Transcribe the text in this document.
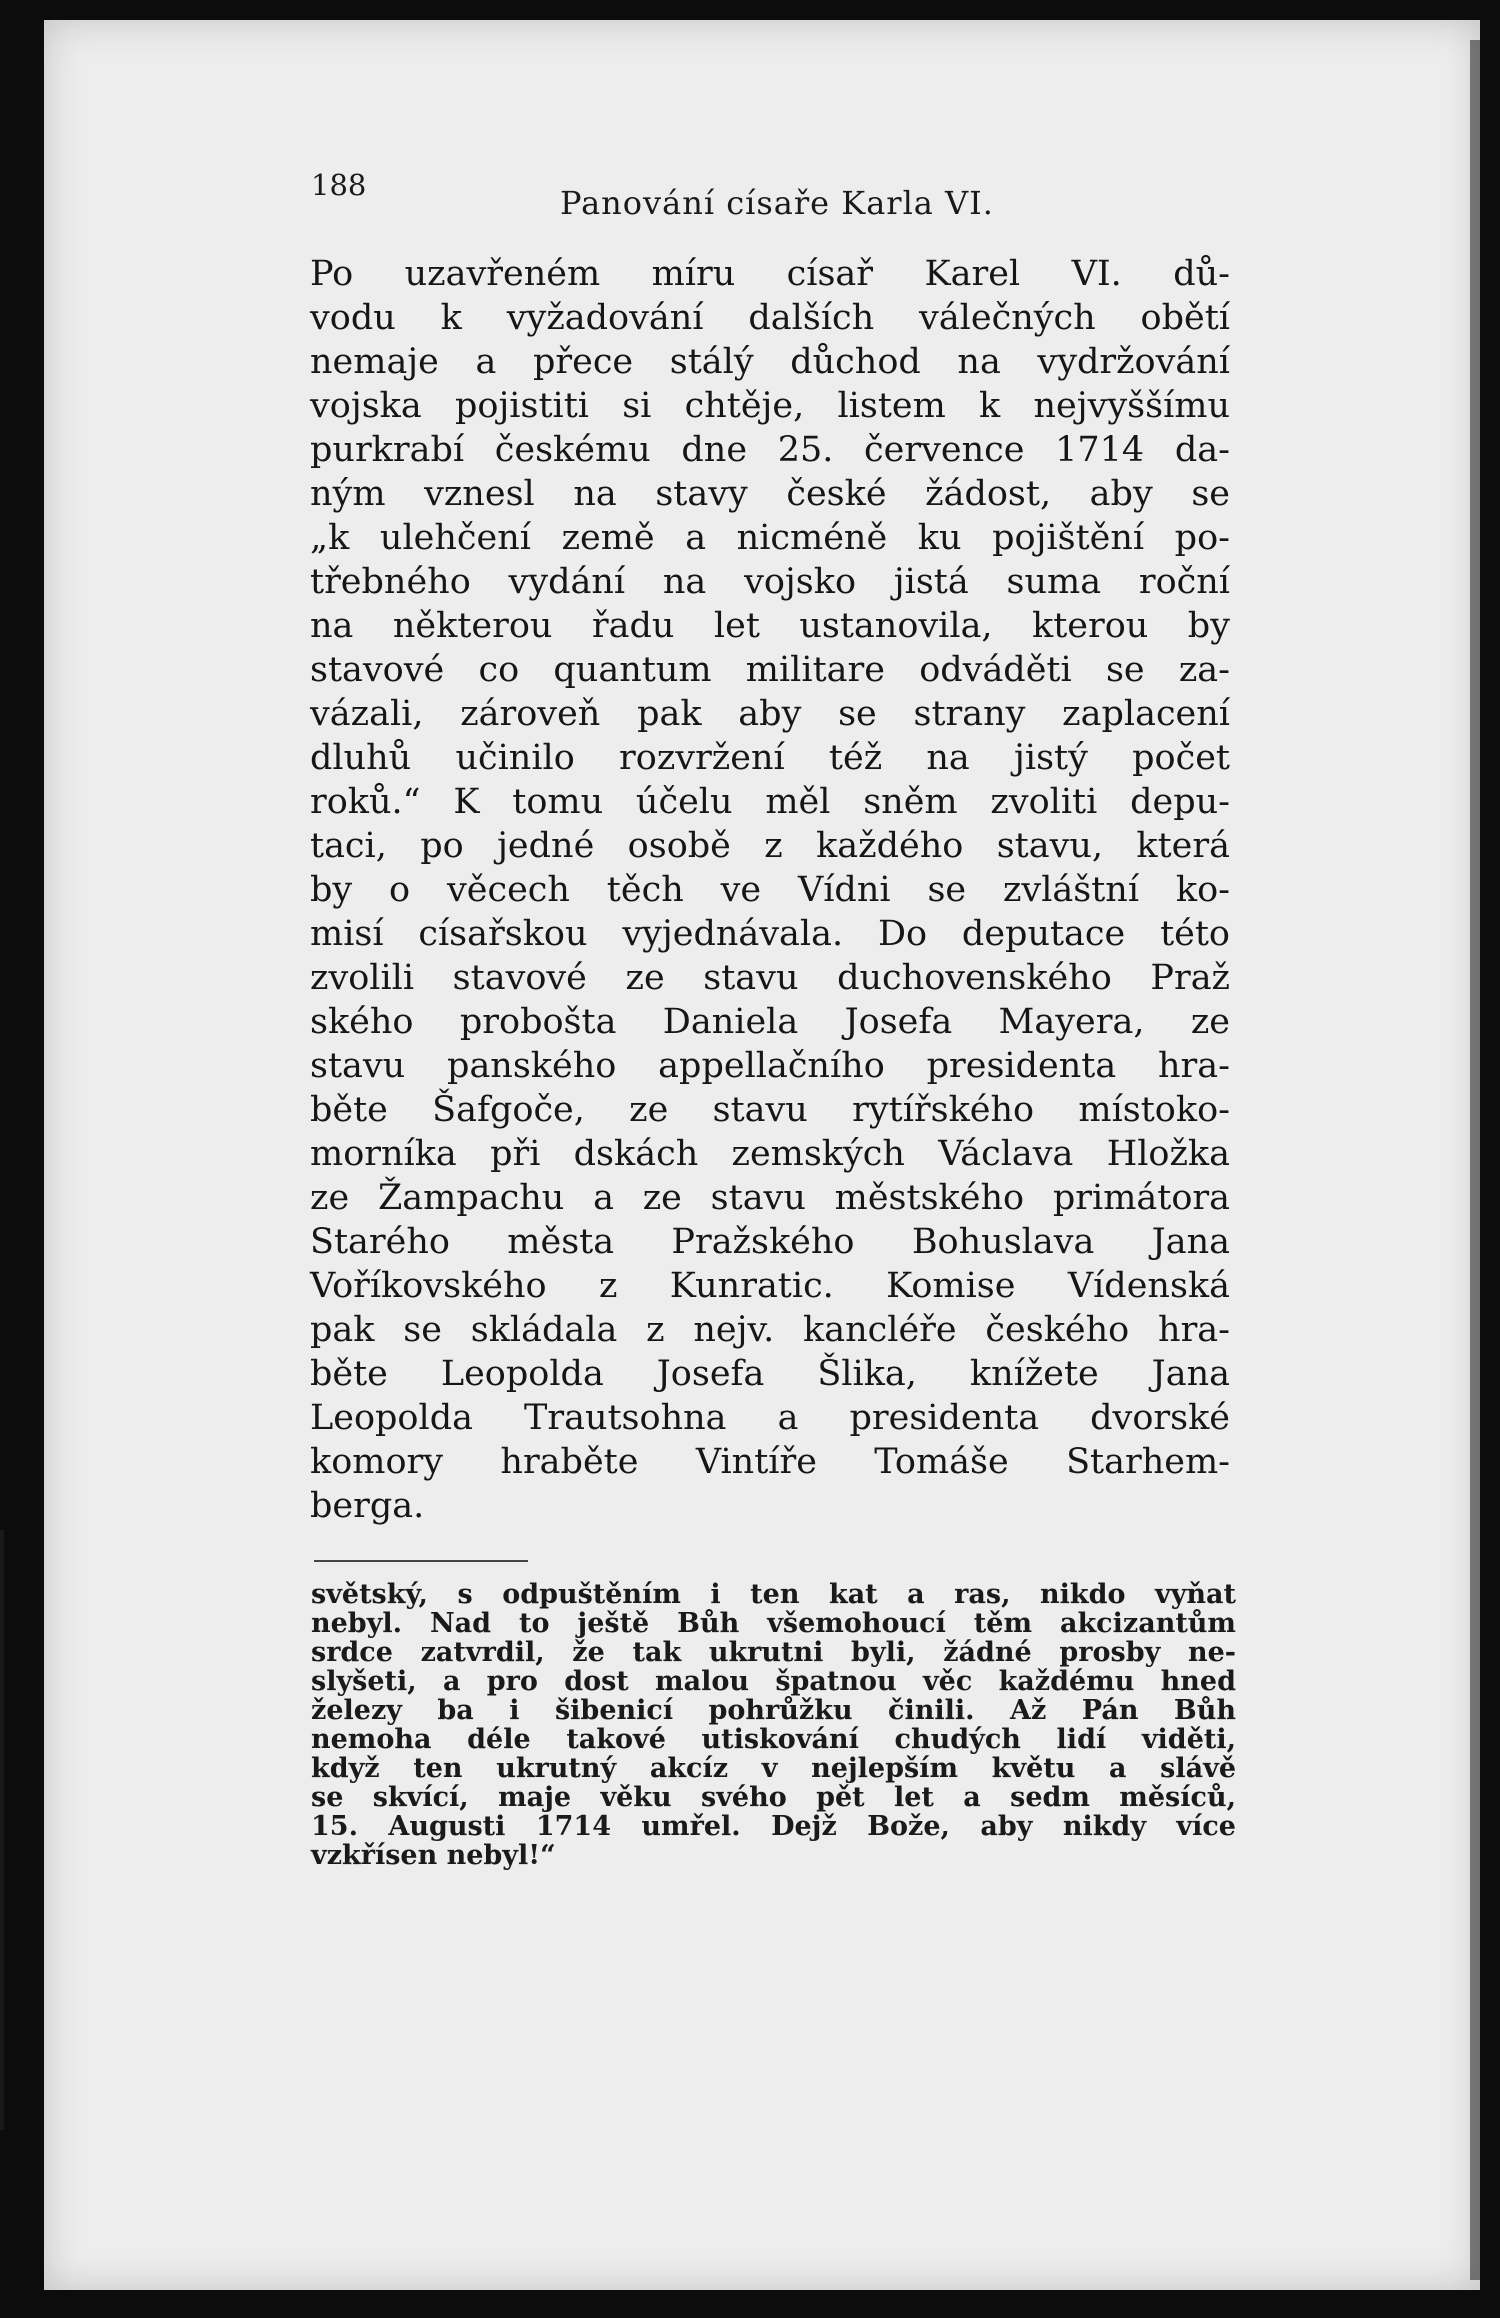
188	Panování císaře Karla VI.

Po uzavřeném míru císař Karel VI. dů-
vodu k vyžadování dalších válečných obětí
nemaje a přece stálý důchod na vydržování
vojska pojistiti si chtěje, listem k nejvyššímu
purkrabí českému dne 25. července 1714 da-
ným vznesl na stavy české žádost, aby se
„k ulehčení země a nicméně ku pojištění po-
třebného vydání na vojsko jistá suma roční
na některou řadu let ustanovila, kterou by
stavové co quantum militare odváděti se za-
vázali, zároveň pak aby se strany zaplacení
dluhů učinilo rozvržení též na jistý počet
roků.“ K tomu účelu měl sněm zvoliti depu-
taci, po jedné osobě z každého stavu, která
by o věcech těch ve Vídni se zvláštní ko-
misí císařskou vyjednávala. Do deputace této
zvolili stavové ze stavu duchovenského Praž
ského probošta Daniela Josefa Mayera, ze
stavu panského appellačního presidenta hra-
běte Šafgoče, ze stavu rytířského místoko-
morníka při dskách zemských Václava Hložka
ze Žampachu a ze stavu městského primátora
Starého města Pražského Bohuslava Jana
Voříkovského z Kunratic. Komise Vídenská
pak se skládala z nejv. kancléře českého hra-
běte Leopolda Josefa Šlika, knížete Jana
Leopolda Trautsohna a presidenta dvorské
komory hraběte Vintíře Tomáše Starhem-
berga.
světský, s odpuštěním i ten kat a ras, nikdo vyňat
nebyl. Nad to ještě Bůh všemohoucí těm akcizantům
srdce zatvrdil, že tak ukrutni byli, žádné prosby ne-
slyšeti, a pro dost malou špatnou věc každému hned
železy ba i šibenicí pohrůžku činili. Až Pán Bůh
nemoha déle takové utiskování chudých lidí viděti,
když ten ukrutný akcíz v nejlepším květu a slávě
se skvící, maje věku svého pět let a sedm měsíců,
15. Augusti 1714 umřel. Dejž Bože, aby nikdy více
vzkřísen nebyl!“
